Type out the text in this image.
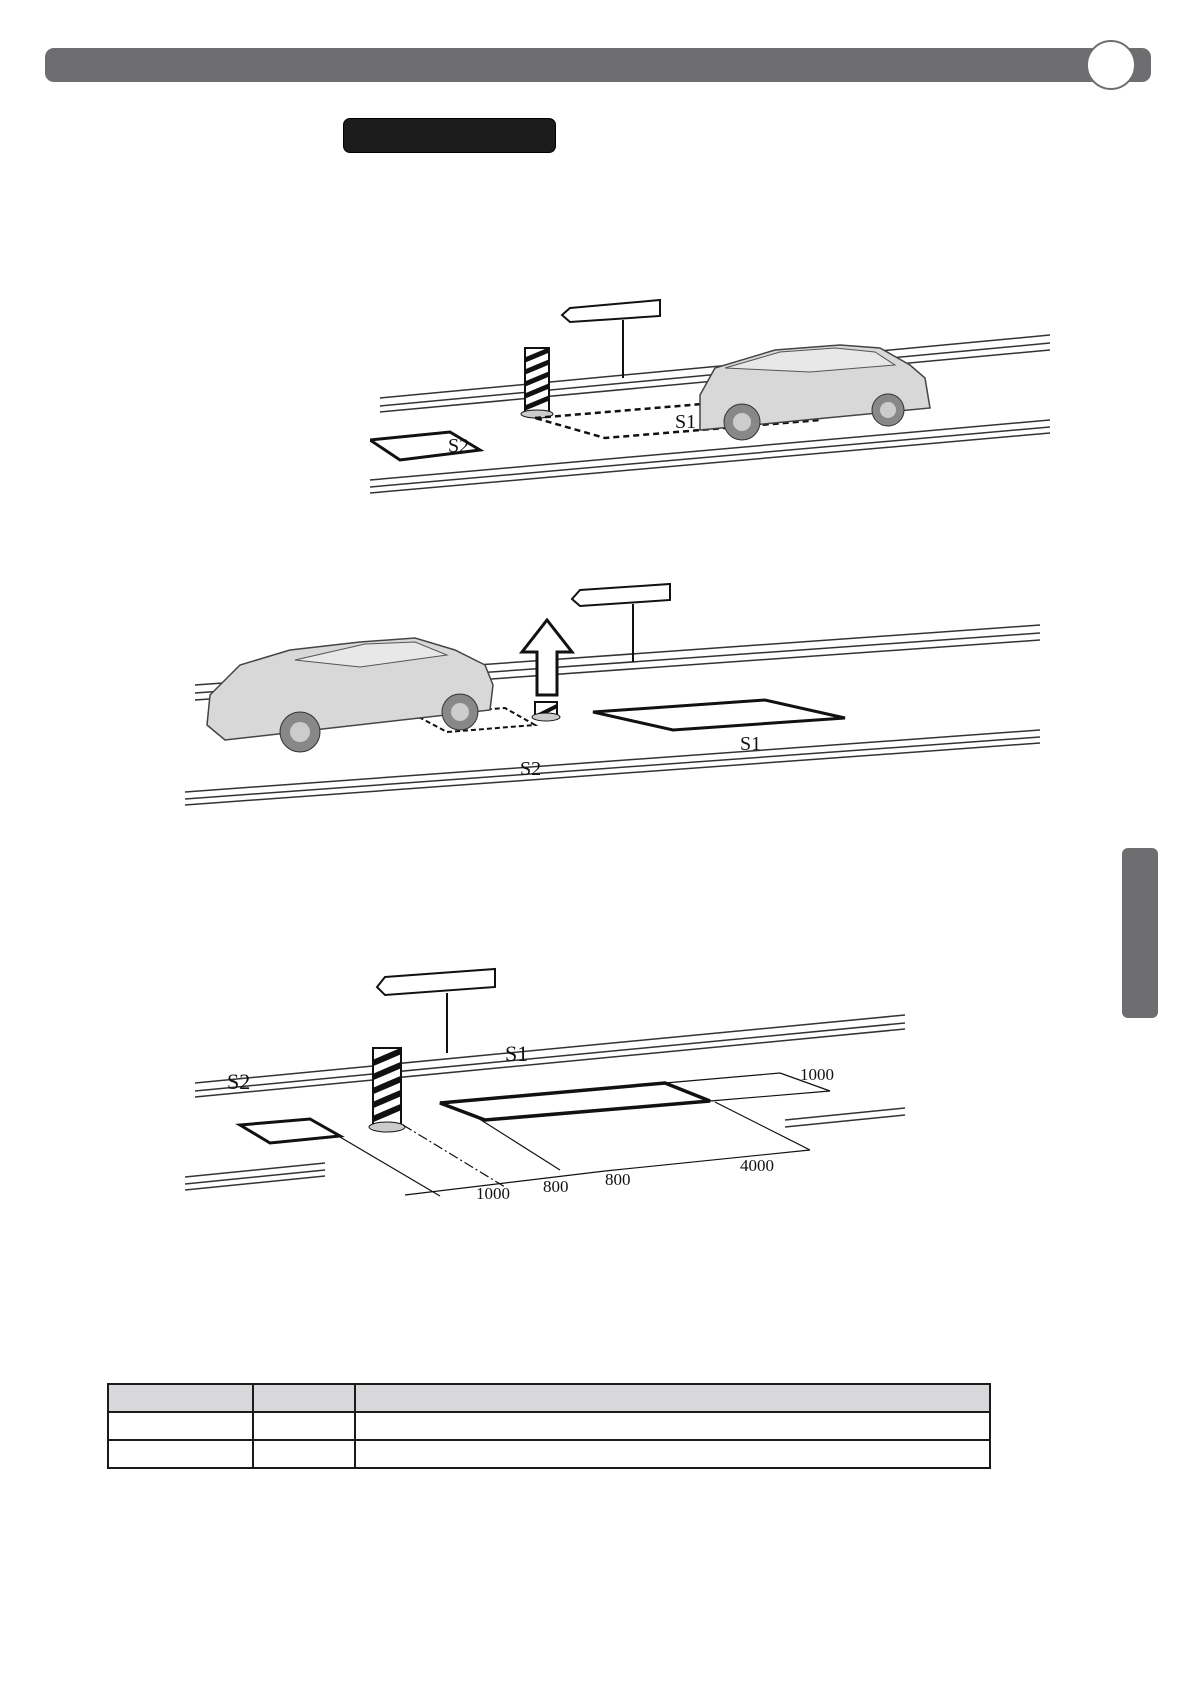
S1
S2
S1
S2
S1
S2	1000
4000
800
800
1000
